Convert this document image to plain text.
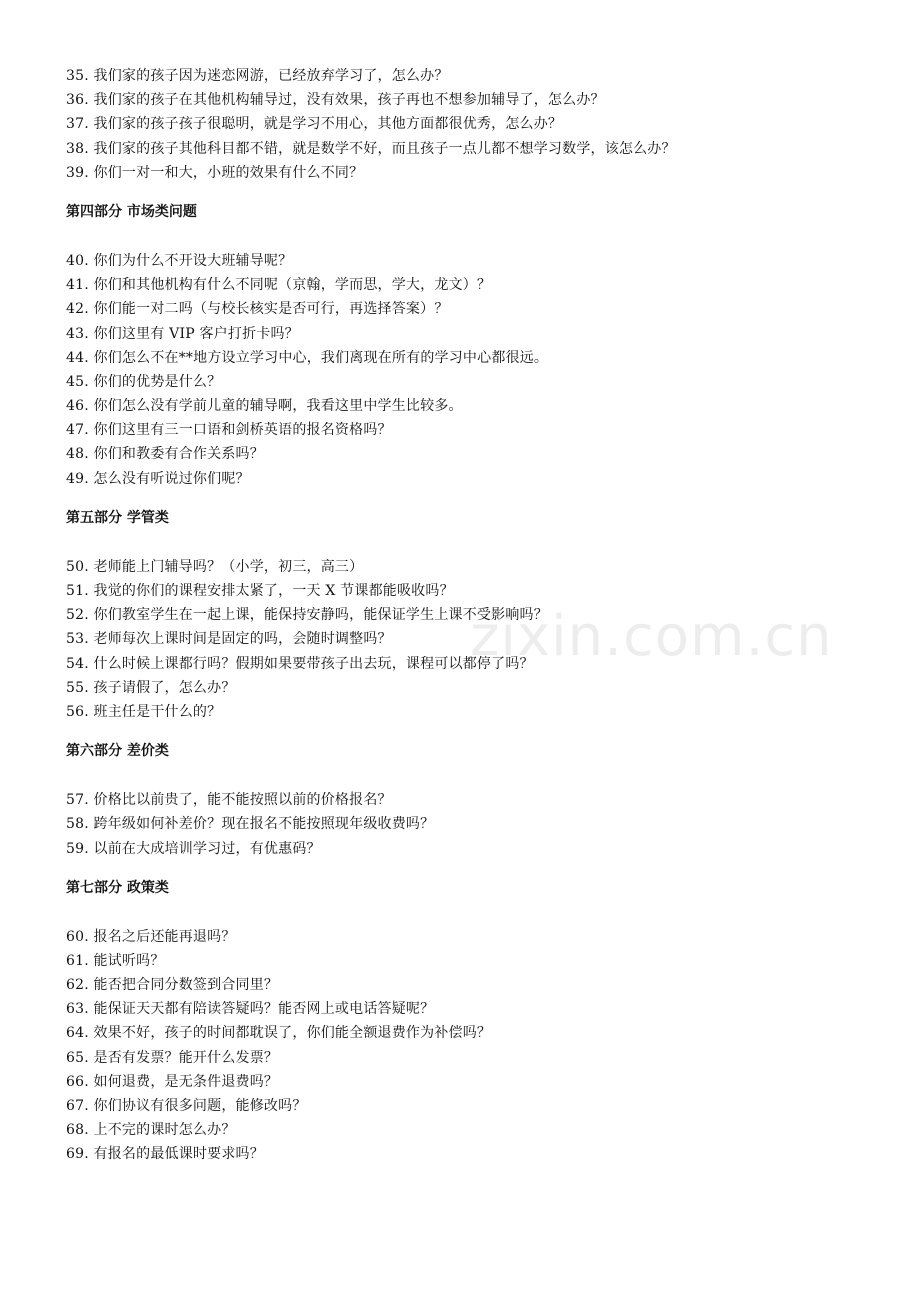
zixin.com.cn
35. 我们家的孩子因为迷恋网游，已经放弃学习了，怎么办？
36. 我们家的孩子在其他机构辅导过，没有效果，孩子再也不想参加辅导了，怎么办？
37. 我们家的孩子孩子很聪明，就是学习不用心，其他方面都很优秀，怎么办？
38. 我们家的孩子其他科目都不错，就是数学不好，而且孩子一点儿都不想学习数学，该怎么办？
39. 你们一对一和大，小班的效果有什么不同？
第四部分 市场类问题
40. 你们为什么不开设大班辅导呢？
41. 你们和其他机构有什么不同呢（京翰，学而思，学大，龙文）？
42. 你们能一对二吗（与校长核实是否可行，再选择答案）？
43. 你们这里有 VIP 客户打折卡吗？
44. 你们怎么不在**地方设立学习中心，我们离现在所有的学习中心都很远。
45. 你们的优势是什么？
46. 你们怎么没有学前儿童的辅导啊，我看这里中学生比较多。
47. 你们这里有三一口语和剑桥英语的报名资格吗？
48. 你们和教委有合作关系吗？
49. 怎么没有听说过你们呢？
第五部分 学管类
50. 老师能上门辅导吗？（小学，初三，高三）
51. 我觉的你们的课程安排太紧了，一天 X 节课都能吸收吗？
52. 你们教室学生在一起上课，能保持安静吗，能保证学生上课不受影响吗？
53. 老师每次上课时间是固定的吗，会随时调整吗？
54. 什么时候上课都行吗？假期如果要带孩子出去玩，课程可以都停了吗？
55. 孩子请假了，怎么办？
56. 班主任是干什么的？
第六部分 差价类
57. 价格比以前贵了，能不能按照以前的价格报名？
58. 跨年级如何补差价？现在报名不能按照现年级收费吗？
59. 以前在大成培训学习过，有优惠码？
第七部分 政策类
60. 报名之后还能再退吗？
61. 能试听吗？
62. 能否把合同分数签到合同里？
63. 能保证天天都有陪读答疑吗？能否网上或电话答疑呢？
64. 效果不好，孩子的时间都耽误了，你们能全额退费作为补偿吗？
65. 是否有发票？能开什么发票？
66. 如何退费，是无条件退费吗？
67. 你们协议有很多问题，能修改吗？
68. 上不完的课时怎么办？
69. 有报名的最低课时要求吗？
